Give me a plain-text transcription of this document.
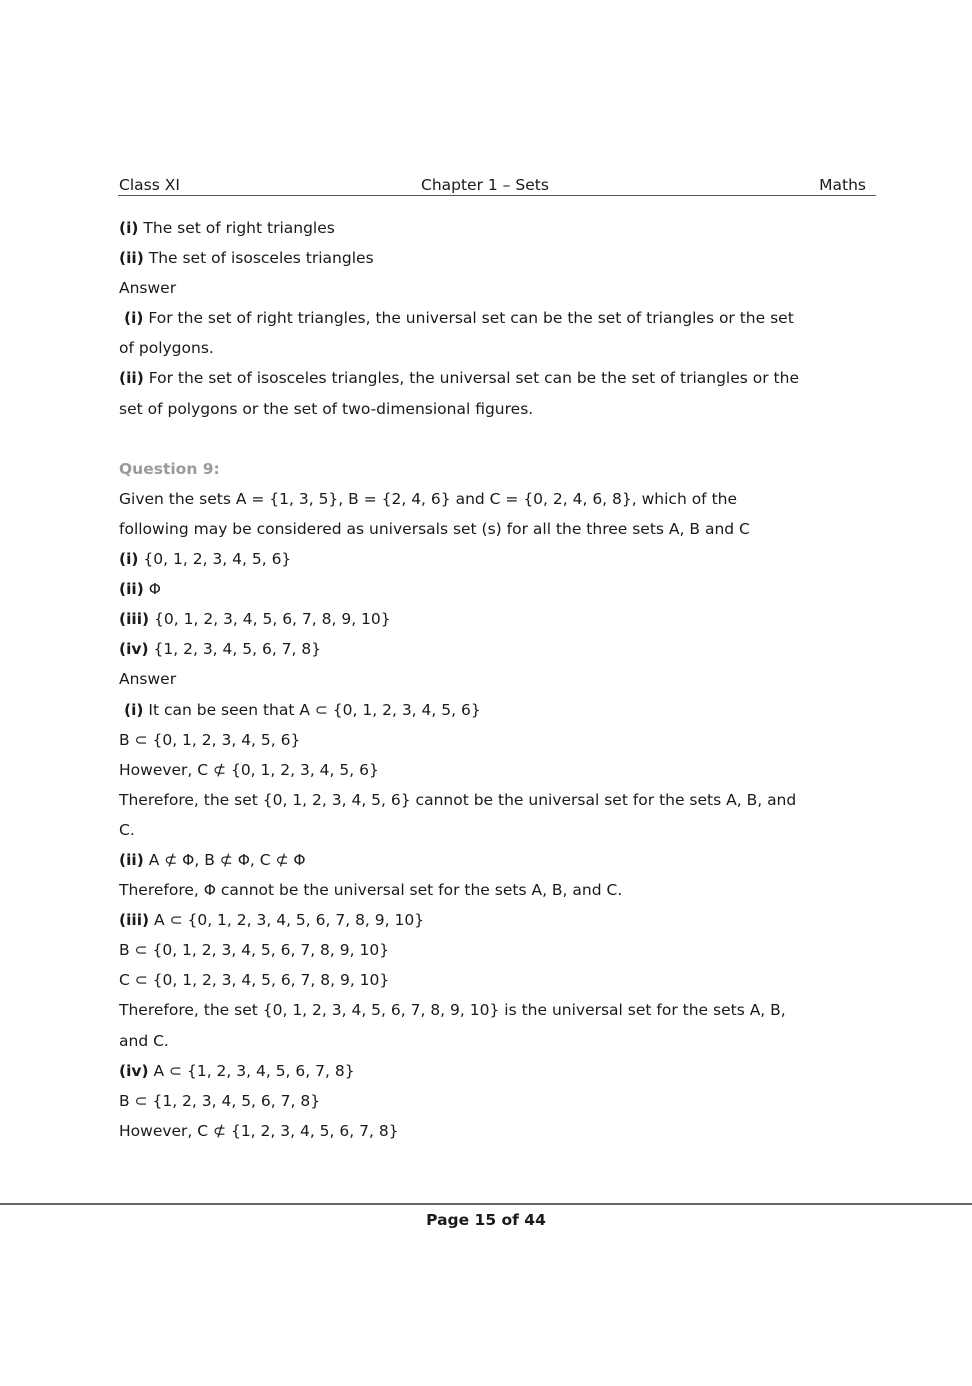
Class XI	Chapter 1 – Sets	Maths
(i) The set of right triangles
(ii) The set of isosceles triangles
Answer
(i) For the set of right triangles, the universal set can be the set of triangles or the set
of polygons.
(ii) For the set of isosceles triangles, the universal set can be the set of triangles or the
set of polygons or the set of two-dimensional figures.
Question 9:
Given the sets A = {1, 3, 5}, B = {2, 4, 6} and C = {0, 2, 4, 6, 8}, which of the
following may be considered as universals set (s) for all the three sets A, B and C
(i) {0, 1, 2, 3, 4, 5, 6}
(ii) Φ
(iii) {0, 1, 2, 3, 4, 5, 6, 7, 8, 9, 10}
(iv) {1, 2, 3, 4, 5, 6, 7, 8}
Answer
(i) It can be seen that A ⊂ {0, 1, 2, 3, 4, 5, 6}
B ⊂ {0, 1, 2, 3, 4, 5, 6}
However, C ⊄ {0, 1, 2, 3, 4, 5, 6}
Therefore, the set {0, 1, 2, 3, 4, 5, 6} cannot be the universal set for the sets A, B, and
C.
(ii) A ⊄ Φ, B ⊄ Φ, C ⊄ Φ
Therefore, Φ cannot be the universal set for the sets A, B, and C.
(iii) A ⊂ {0, 1, 2, 3, 4, 5, 6, 7, 8, 9, 10}
B ⊂ {0, 1, 2, 3, 4, 5, 6, 7, 8, 9, 10}
C ⊂ {0, 1, 2, 3, 4, 5, 6, 7, 8, 9, 10}
Therefore, the set {0, 1, 2, 3, 4, 5, 6, 7, 8, 9, 10} is the universal set for the sets A, B,
and C.
(iv) A ⊂ {1, 2, 3, 4, 5, 6, 7, 8}
B ⊂ {1, 2, 3, 4, 5, 6, 7, 8}
However, C ⊄ {1, 2, 3, 4, 5, 6, 7, 8}
Page 15 of 44
